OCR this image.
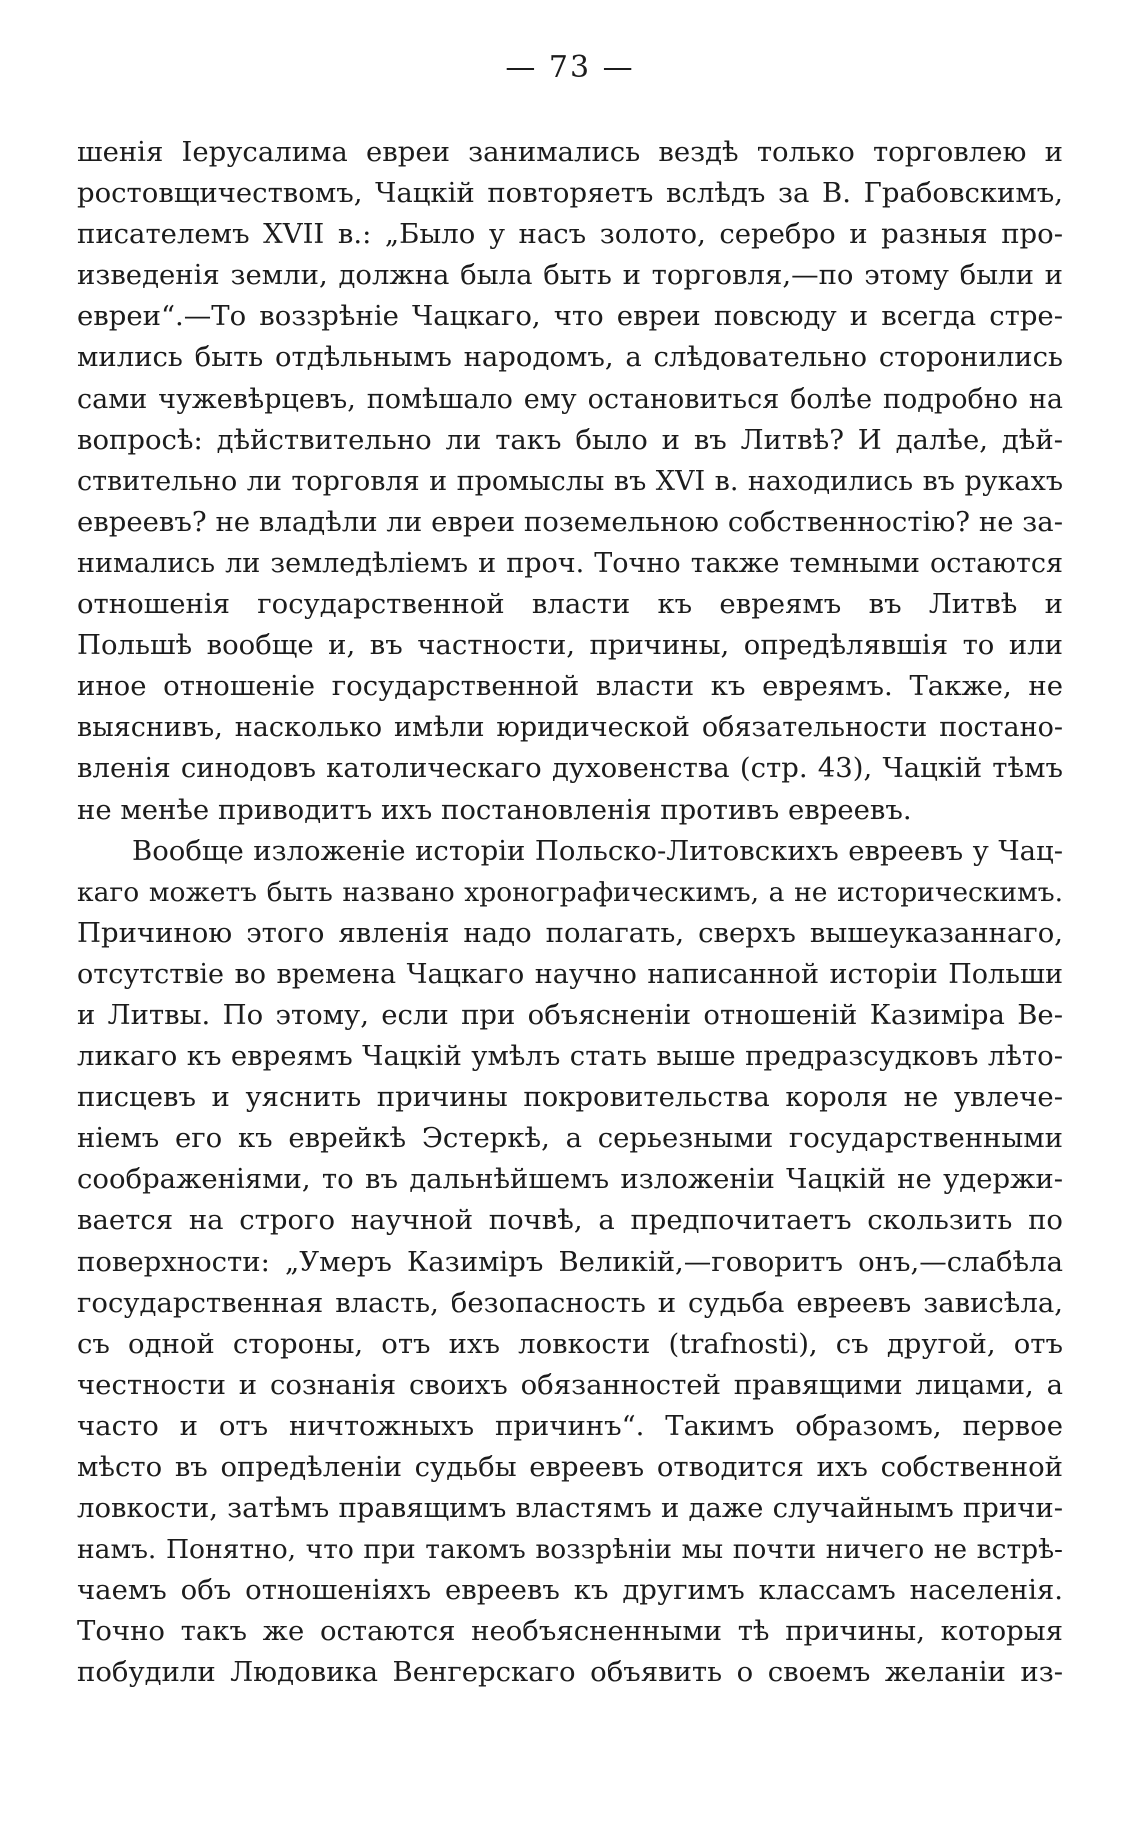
— 73 —
шенія Іерусалима евреи занимались вездѣ только торговлею и
ростовщичествомъ, Чацкій повторяетъ вслѣдъ за В. Грабовскимъ,
писателемъ XVII в.: „Было у насъ золото, серебро и разныя про-
изведенія земли, должна была быть и торговля,—по этому были и
евреи“.—То воззрѣніе Чацкаго, что евреи повсюду и всегда стре-
мились быть отдѣльнымъ народомъ, а слѣдовательно сторонились
сами чужевѣрцевъ, помѣшало ему остановиться болѣе подробно на
вопросѣ: дѣйствительно ли такъ было и въ Литвѣ? И далѣе, дѣй-
ствительно ли торговля и промыслы въ XVI в. находились въ рукахъ
евреевъ? не владѣли ли евреи поземельною собственностію? не за-
нимались ли земледѣліемъ и проч. Точно также темными остаются
отношенія государственной власти къ евреямъ въ Литвѣ и
Польшѣ вообще и, въ частности, причины, опредѣлявшія то или
иное отношеніе государственной власти къ евреямъ. Также, не
выяснивъ, насколько имѣли юридической обязательности постано-
вленія синодовъ католическаго духовенства (стр. 43), Чацкій тѣмъ
не менѣе приводитъ ихъ постановленія противъ евреевъ.
Вообще изложеніе исторіи Польско-Литовскихъ евреевъ у Чац-
каго можетъ быть названо хронографическимъ, а не историческимъ.
Причиною этого явленія надо полагать, сверхъ вышеуказаннаго,
отсутствіе во времена Чацкаго научно написанной исторіи Польши
и Литвы. По этому, если при объясненіи отношеній Казиміра Ве-
ликаго къ евреямъ Чацкій умѣлъ стать выше предразсудковъ лѣто-
писцевъ и уяснить причины покровительства короля не увлече-
ніемъ его къ еврейкѣ Эстеркѣ, а серьезными государственными
соображеніями, то въ дальнѣйшемъ изложеніи Чацкій не удержи-
вается на строго научной почвѣ, а предпочитаетъ скользить по
поверхности: „Умеръ Казиміръ Великій,—говоритъ онъ,—слабѣла
государственная власть, безопасность и судьба евреевъ зависѣла,
съ одной стороны, отъ ихъ ловкости (trafnosti), съ другой, отъ
честности и сознанія своихъ обязанностей правящими лицами, а
часто и отъ ничтожныхъ причинъ“. Такимъ образомъ, первое
мѣсто въ опредѣленіи судьбы евреевъ отводится ихъ собственной
ловкости, затѣмъ правящимъ властямъ и даже случайнымъ причи-
намъ. Понятно, что при такомъ воззрѣніи мы почти ничего не встрѣ-
чаемъ объ отношеніяхъ евреевъ къ другимъ классамъ населенія.
Точно такъ же остаются необъясненными тѣ причины, которыя
побудили Людовика Венгерскаго объявить о своемъ желаніи из-
